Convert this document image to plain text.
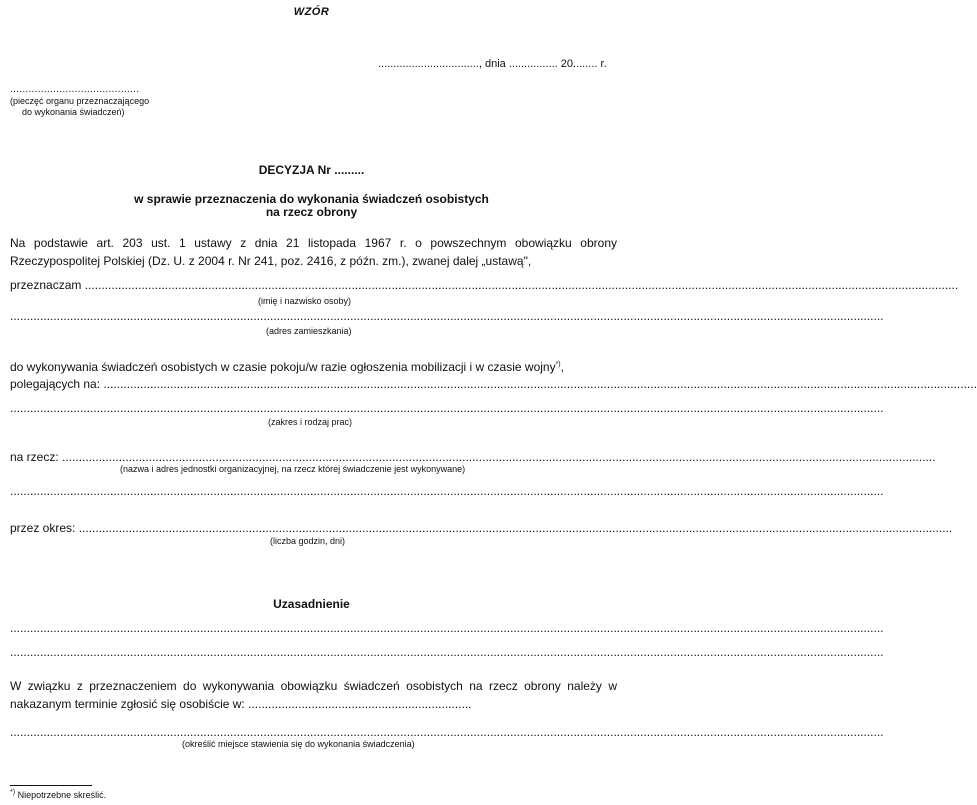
WZÓR
................................., dnia ................ 20........ r.
..........................................
(pieczęć organu przeznaczającego
do wykonania świadczeń)
DECYZJA Nr .........
w sprawie przeznaczenia do wykonania świadczeń osobistych
na rzecz obrony
Na podstawie art. 203 ust. 1 ustawy z dnia 21 listopada 1967 r. o powszechnym obowiązku obrony Rzeczypospolitej Polskiej (Dz. U. z 2004 r. Nr 241, poz. 2416, z późn. zm.), zwanej dalej „ustawą",
przeznaczam
......................................................................................................................................................................................................................................................................
(imię i nazwisko osoby)
......................................................................................................................................................................................................................................................................
(adres zamieszkania)
do wykonywania świadczeń osobistych w czasie pokoju/w razie ogłoszenia mobilizacji i w czasie wojny*),
polegających na:
......................................................................................................................................................................................................................................................................
......................................................................................................................................................................................................................................................................
(zakres i rodzaj prac)
na rzecz:
......................................................................................................................................................................................................................................................................
(nazwa i adres jednostki organizacyjnej, na rzecz której świadczenie jest wykonywane)
......................................................................................................................................................................................................................................................................
przez okres:
......................................................................................................................................................................................................................................................................
(liczba godzin, dni)
Uzasadnienie
......................................................................................................................................................................................................................................................................
......................................................................................................................................................................................................................................................................
W związku z przeznaczeniem do wykonywania obowiązku świadczeń osobistych na rzecz obrony należy w nakazanym terminie zgłosić się osobiście w: ...................................................................
......................................................................................................................................................................................................................................................................
(określić miejsce stawienia się do wykonania świadczenia)
*) Niepotrzebne skreślić.
